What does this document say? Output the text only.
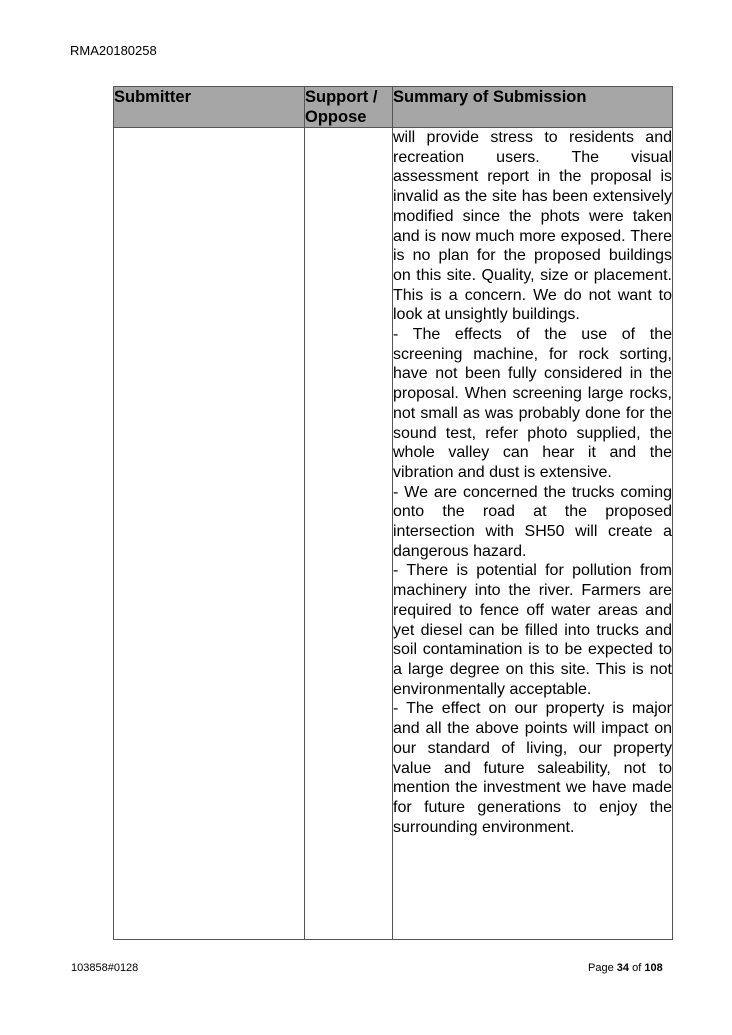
RMA20180258
Submitter	Support / Oppose	Summary of Submission

		will provide stress to residents and recreation users. The visual assessment report in the proposal is invalid as the site has been extensively modified since the phots were taken and is now much more exposed. There is no plan for the proposed buildings on this site. Quality, size or placement. This is a concern. We do not want to look at unsightly buildings.
- The effects of the use of the screening machine, for rock sorting, have not been fully considered in the proposal. When screening large rocks, not small as was probably done for the sound test, refer photo supplied, the whole valley can hear it and the vibration and dust is extensive.
- We are concerned the trucks coming onto the road at the proposed intersection with SH50 will create a dangerous hazard.
- There is potential for pollution from machinery into the river. Farmers are required to fence off water areas and yet diesel can be filled into trucks and soil contamination is to be expected to a large degree on this site. This is not environmentally acceptable.
- The effect on our property is major and all the above points will impact on our standard of living, our property value and future saleability, not to mention the investment we have made for future generations to enjoy the surrounding environment.
103858#0128	Page 34 of 108
